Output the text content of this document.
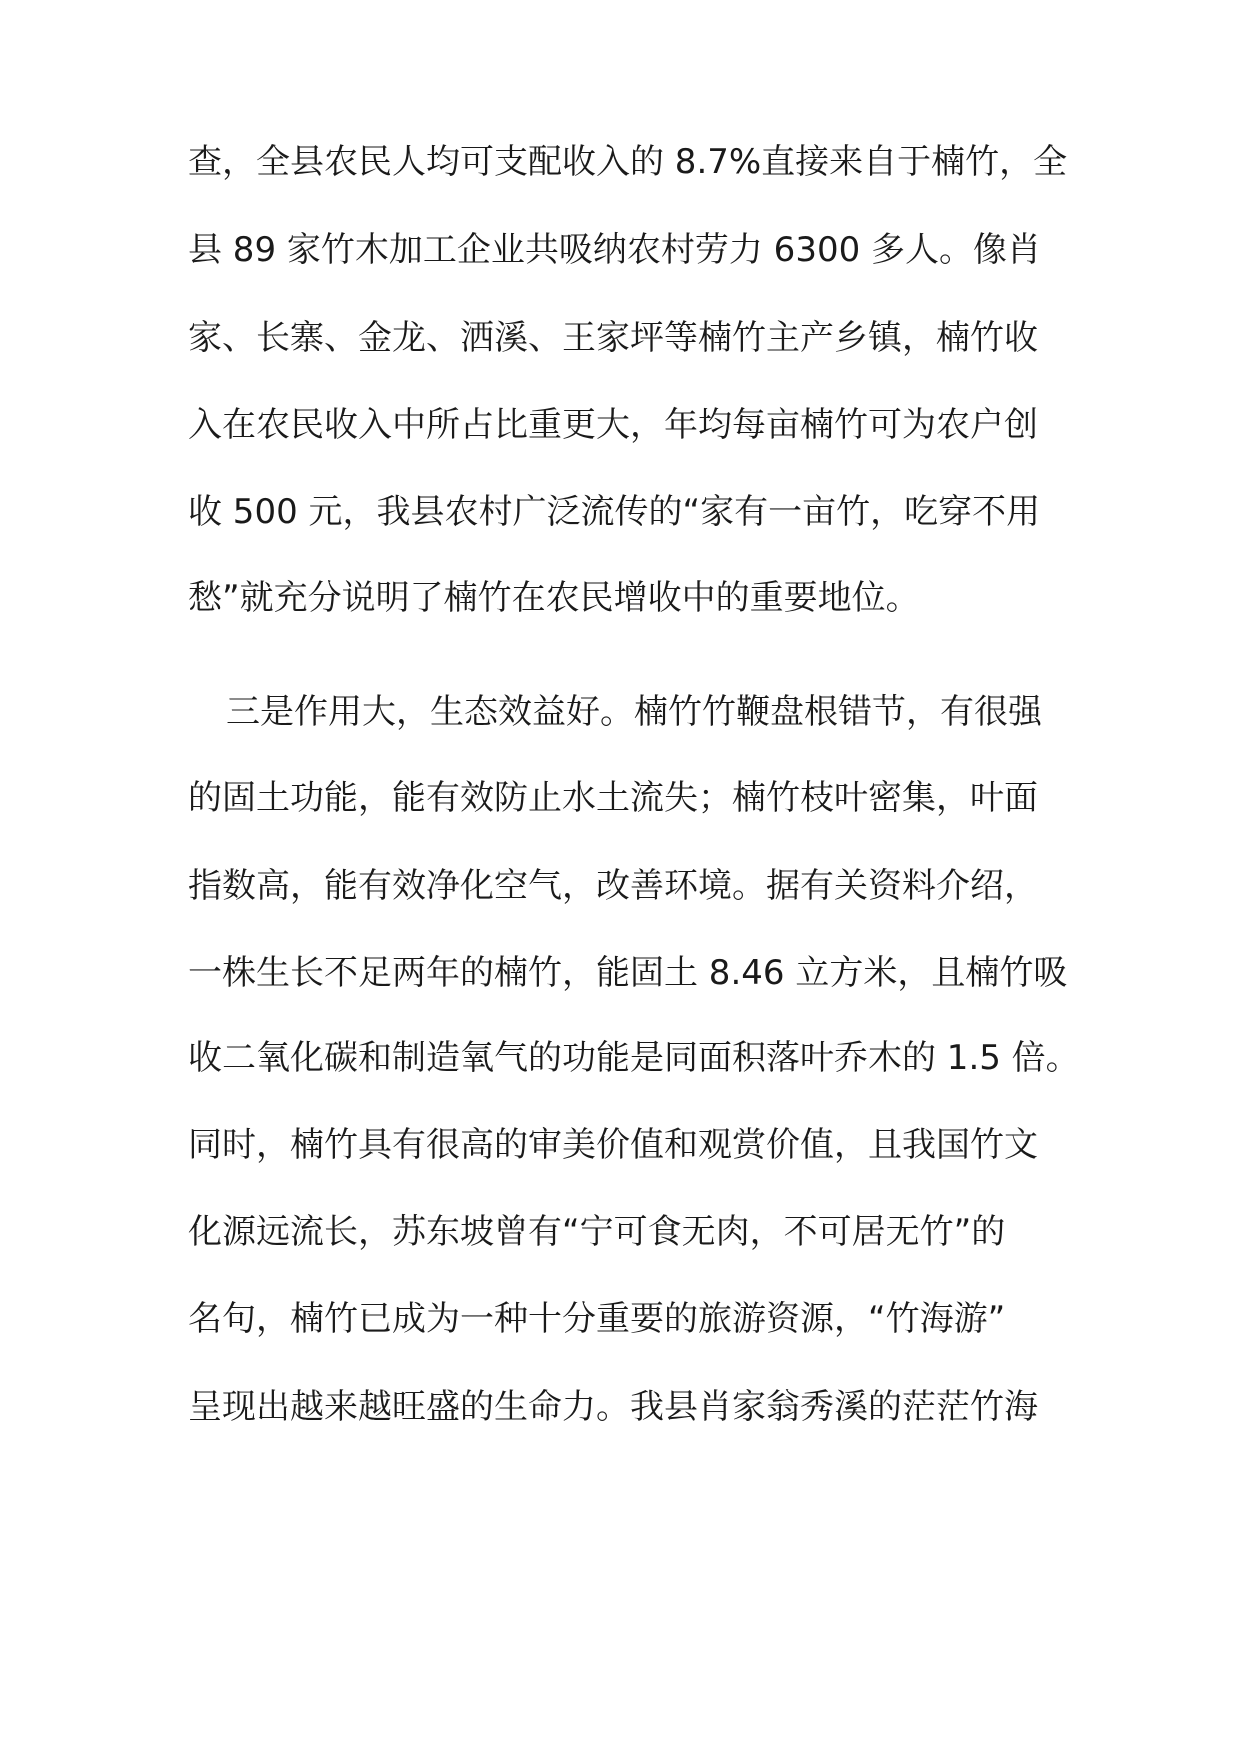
查，全县农民人均可支配收入的 8.7%直接来自于楠竹，全
县 89 家竹木加工企业共吸纳农村劳力 6300 多人。像肖
家、长寨、金龙、洒溪、王家坪等楠竹主产乡镇，楠竹收
入在农民收入中所占比重更大，年均每亩楠竹可为农户创
收 500 元，我县农村广泛流传的“家有一亩竹，吃穿不用
愁”就充分说明了楠竹在农民增收中的重要地位。
三是作用大，生态效益好。楠竹竹鞭盘根错节，有很强
的固土功能，能有效防止水土流失；楠竹枝叶密集，叶面
指数高，能有效净化空气，改善环境。据有关资料介绍，
一株生长不足两年的楠竹，能固土 8.46 立方米，且楠竹吸
收二氧化碳和制造氧气的功能是同面积落叶乔木的 1.5 倍。
同时，楠竹具有很高的审美价值和观赏价值，且我国竹文
化源远流长，苏东坡曾有“宁可食无肉，不可居无竹”的
名句，楠竹已成为一种十分重要的旅游资源，“竹海游”
呈现出越来越旺盛的生命力。我县肖家翁秀溪的茫茫竹海
